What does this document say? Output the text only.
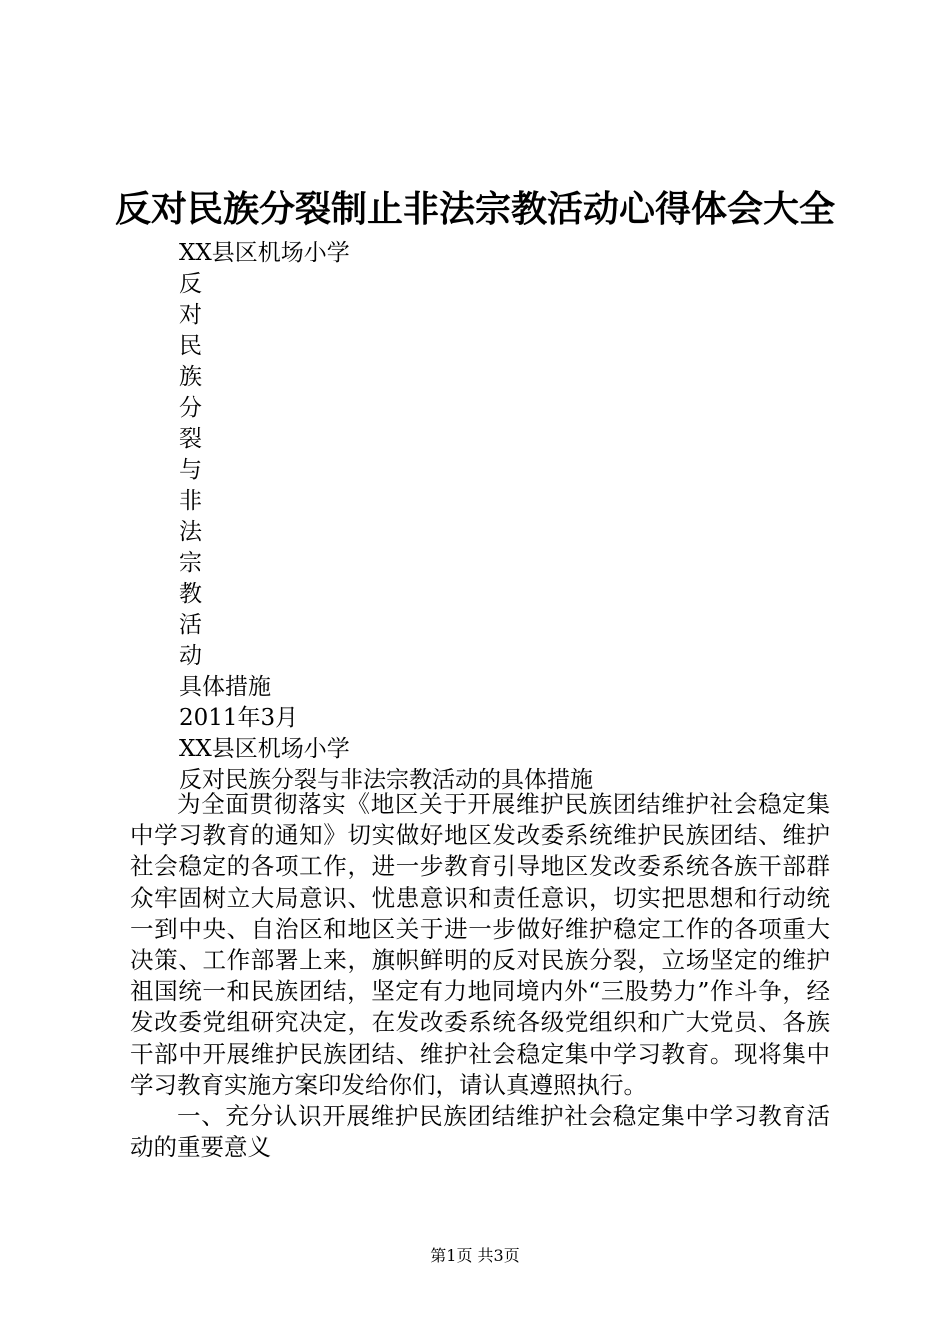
反对民族分裂制止非法宗教活动心得体会大全
XX县区机场小学
反
对
民
族
分
裂
与
非
法
宗
教
活
动
具体措施
2011年3月
XX县区机场小学
反对民族分裂与非法宗教活动的具体措施

为全面贯彻落实《地区关于开展维护民族团结维护社会稳定集中学习教育的通知》切实做好地区发改委系统维护民族团结、维护社会稳定的各项工作，进一步教育引导地区发改委系统各族干部群众牢固树立大局意识、忧患意识和责任意识，切实把思想和行动统一到中央、自治区和地区关于进一步做好维护稳定工作的各项重大决策、工作部署上来，旗帜鲜明的反对民族分裂，立场坚定的维护祖国统一和民族团结，坚定有力地同境内外“三股势力”作斗争，经发改委党组研究决定，在发改委系统各级党组织和广大党员、各族干部中开展维护民族团结、维护社会稳定集中学习教育。现将集中学习教育实施方案印发给你们，请认真遵照执行。

一、充分认识开展维护民族团结维护社会稳定集中学习教育活动的重要意义

第1页 共3页
